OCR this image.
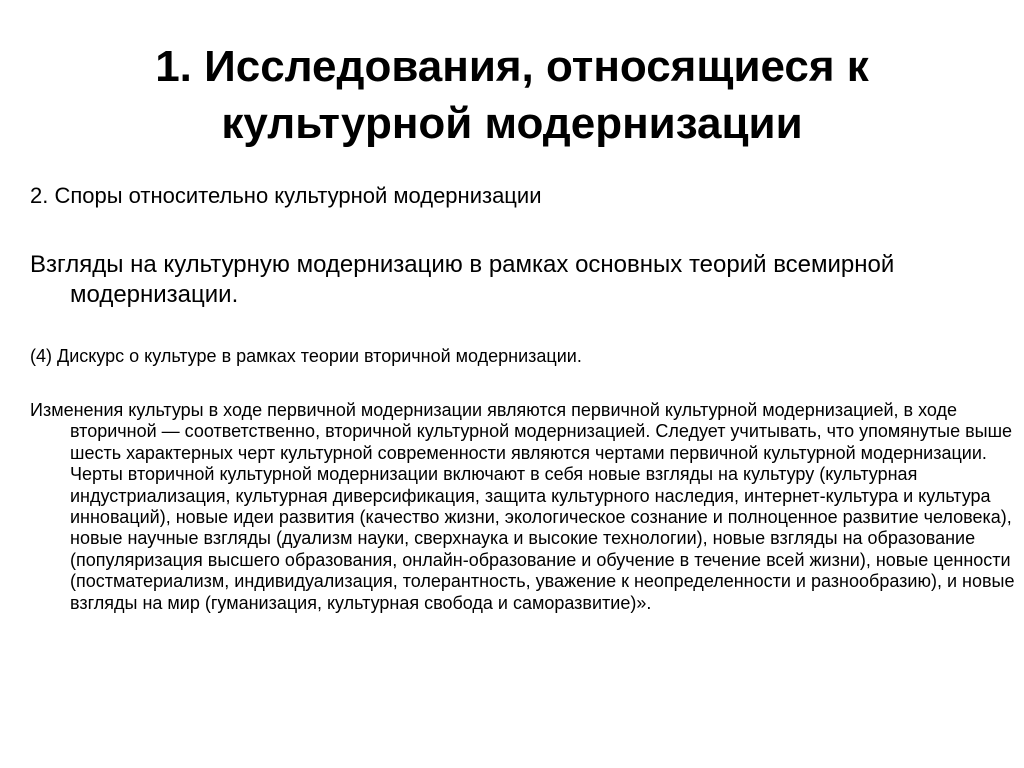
1. Исследования, относящиеся к культурной модернизации

2. Споры относительно культурной модернизации

Взгляды на культурную модернизацию в рамках основных теорий всемирной модернизации.

(4) Дискурс о культуре в рамках теории вторичной модернизации.

Изменения культуры в ходе первичной модернизации являются первичной культурной модернизацией, в ходе вторичной — соответственно, вторичной культурной модернизацией. Следует учитывать, что упомянутые выше шесть характерных черт культурной современности являются чертами первичной культурной модернизации. Черты вторичной культурной модернизации включают в себя новые взгляды на культуру (культурная индустриализация, культурная диверсификация, защита культурного наследия, интернет-культура и культура инноваций), новые идеи развития (качество жизни, экологическое сознание и полноценное развитие человека), новые научные взгляды (дуализм науки, сверхнаука и высокие технологии), новые взгляды на образование (популяризация высшего образования, онлайн-образование и обучение в течение всей жизни), новые ценности (постматериализм, индивидуализация, толерантность, уважение к неопределенности и разнообразию), и новые взгляды на мир (гуманизация, культурная свобода и саморазвитие)».
